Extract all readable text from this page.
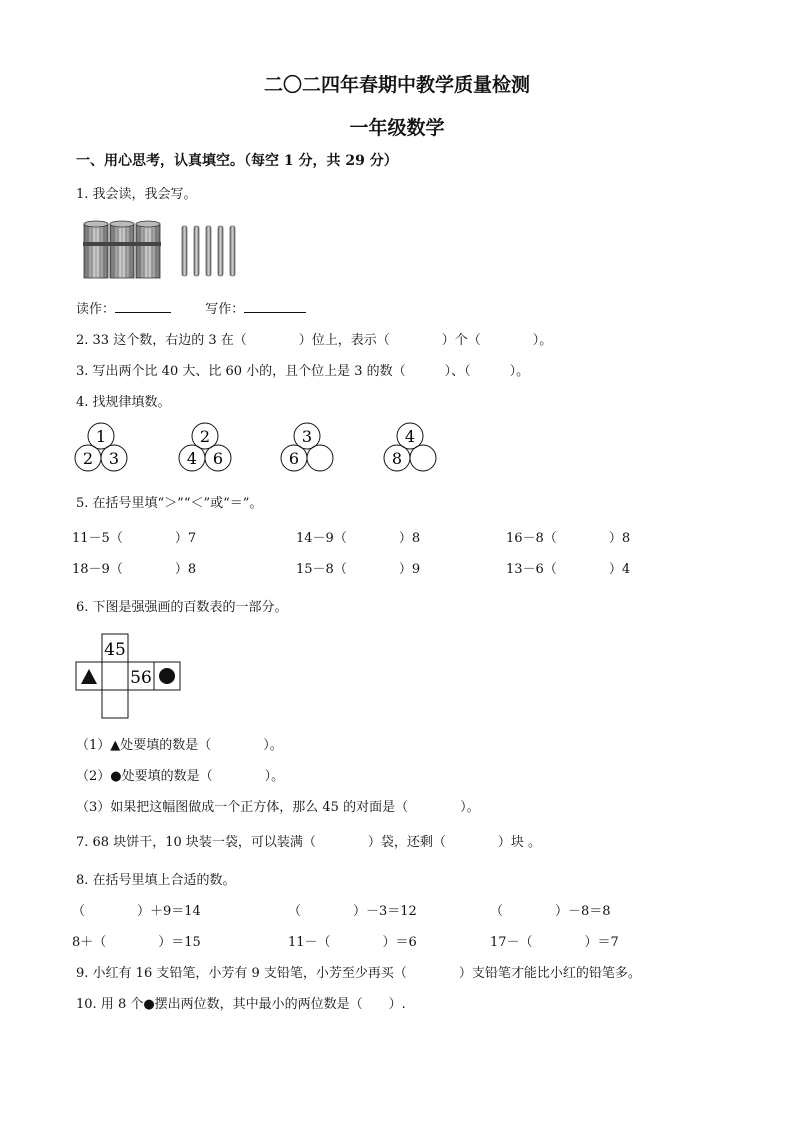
二〇二四年春期中教学质量检测
一年级数学
一、用心思考，认真填空。（每空 1 分，共 29 分）
1. 我会读，我会写。
读作：	写作：
2. 33 这个数，右边的 3 在（　　　　）位上，表示（　　　　）个（　　　　）。
3. 写出两个比 40 大、比 60 小的，且个位上是 3 的数（　　　）、（　　　）。
4. 找规律填数。
1
2 3
2
4 6
3
6
4
8
5. 在括号里填“＞”“＜”或“＝”。
11－5（　　　　）7	14－9（　　　　）8	16－8（　　　　）8
18－9（　　　　）8	15－8（　　　　）9	13－6（　　　　）4
6. 下图是强强画的百数表的一部分。
45
56
（1）▲处要填的数是（　　　　）。
（2）●处要填的数是（　　　　）。
（3）如果把这幅图做成一个正方体，那么 45 的对面是（　　　　）。
7. 68 块饼干，10 块装一袋，可以装满（　　　　）袋，还剩（　　　　）块 。
8. 在括号里填上合适的数。
（　　　　）＋9＝14	（　　　　）－3＝12	（　　　　）－8＝8
8＋（　　　　）＝15	11－（　　　　）＝6	17－（　　　　）＝7
9. 小红有 16 支铅笔，小芳有 9 支铅笔，小芳至少再买（　　　　）支铅笔才能比小红的铅笔多。
10. 用 8 个●摆出两位数，其中最小的两位数是（　　）.
